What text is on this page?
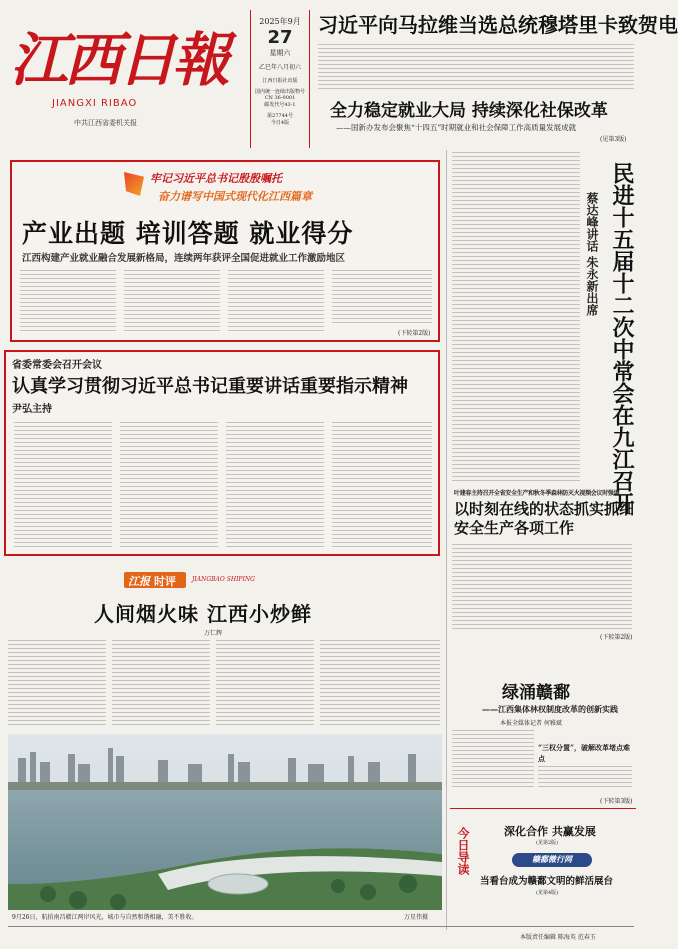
江西日報
JIANGXI RIBAO
中共江西省委机关报
2025年9月
27
星期六
乙巳年八月初六
江西日报社出版
国内统一连续出版物号
CN 36-0001
邮发代号43-1
第27744号
今日4版
习近平向马拉维当选总统穆塔里卡致贺电
全力稳定就业大局 持续深化社保改革
——国新办发布会聚焦“十四五”时期就业和社会保障工作高质量发展成就
(见第3版)
牢记习近平总书记殷殷嘱托
奋力谱写中国式现代化江西篇章
产业出题 培训答题 就业得分
江西构建产业就业融合发展新格局，连续两年获评全国促进就业工作激励地区
(下转第2版)
省委常委会召开会议
认真学习贯彻习近平总书记重要讲话重要指示精神
尹弘主持	民进十五届十二次中常会在九江召开
蔡达峰讲话 朱永新出席
叶建春主持召开全省安全生产和秋冬季森林防灭火视频会议时强调
以时刻在线的状态抓实抓细安全生产各项工作
(下转第2版)
绿涌赣鄱
——江西集体林权制度改革的创新实践
本报全媒体记者 何雅斌
“三权分置”，破解改革堵点难点
(下转第3版)
今日导读	深化合作 共赢发展
(见第2版)
赣鄱微行网
当看台成为赣鄱文明的鲜活展台
(见第4版)
江报 时评	JIANGBAO SHIPING
人间烟火味 江西小炒鲜
万仁辉
9月26日，航拍南昌赣江两岸风光，城市与自然和谐相融，美不胜收。	万星伟摄
本版责任编辑 陈海英 范春玉
